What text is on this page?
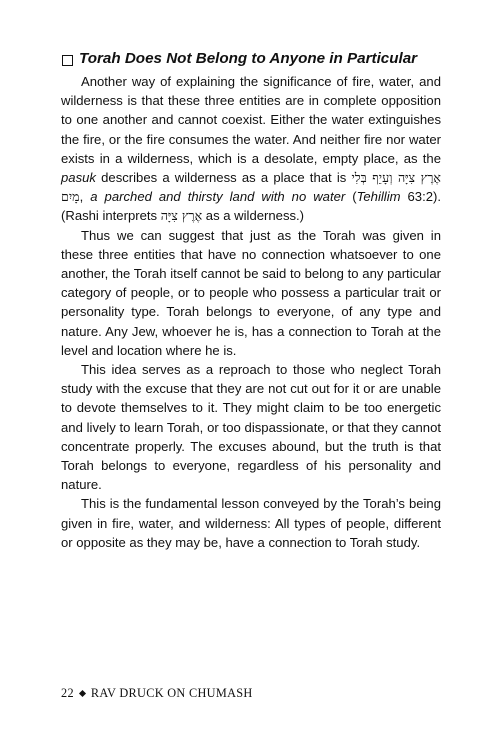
Torah Does Not Belong to Anyone in Particular

Another way of explaining the significance of fire, water, and wilderness is that these three entities are in complete opposition to one another and cannot coexist. Either the water extinguishes the fire, or the fire consumes the water. And neither fire nor water exists in a wilderness, which is a desolate, empty place, as the pasuk describes a wilderness as a place that is אֶרֶץ צִיָּה וְעָיֵף בְּלִי מָיִם, a parched and thirsty land with no water (Tehillim 63:2). (Rashi interprets אֶרֶץ צִיָּה as a wilderness.)

Thus we can suggest that just as the Torah was given in these three entities that have no connection whatsoever to one another, the Torah itself cannot be said to belong to any particular category of people, or to people who possess a particular trait or personality type. Torah belongs to everyone, of any type and nature. Any Jew, whoever he is, has a connection to Torah at the level and location where he is.

This idea serves as a reproach to those who neglect Torah study with the excuse that they are not cut out for it or are unable to devote themselves to it. They might claim to be too energetic and lively to learn Torah, or too dispassionate, or that they cannot concentrate properly. The excuses abound, but the truth is that Torah belongs to everyone, regardless of his personality and nature.

This is the fundamental lesson conveyed by the Torah’s being given in fire, water, and wilderness: All types of people, different or opposite as they may be, have a connection to Torah study.

22 RAV DRUCK ON CHUMASH
